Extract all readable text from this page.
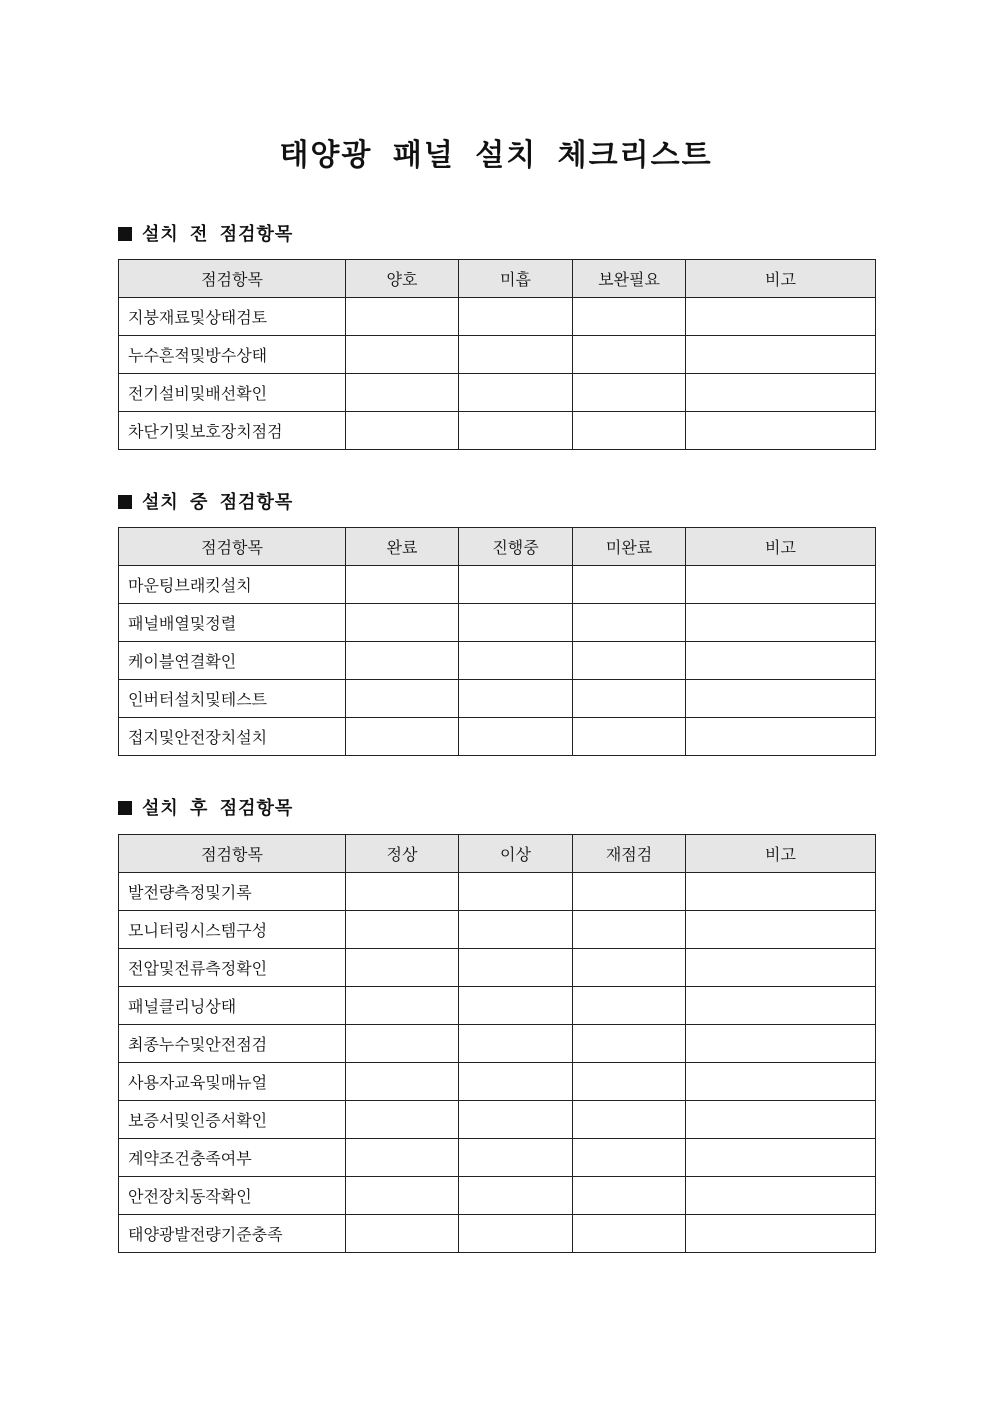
태양광 패널 설치 체크리스트
설치 전 점검항목
점검항목	양호	미흡	보완필요	비고
지붕재료및상태검토				
누수흔적및방수상태				
전기설비및배선확인				
차단기및보호장치점검				
설치 중 점검항목
점검항목	완료	진행중	미완료	비고
마운팅브래킷설치				
패널배열및정렬				
케이블연결확인				
인버터설치및테스트				
접지및안전장치설치				
설치 후 점검항목
점검항목	정상	이상	재점검	비고
발전량측정및기록				
모니터링시스템구성				
전압및전류측정확인				
패널클리닝상태				
최종누수및안전점검				
사용자교육및매뉴얼				
보증서및인증서확인				
계약조건충족여부				
안전장치동작확인				
태양광발전량기준충족				
